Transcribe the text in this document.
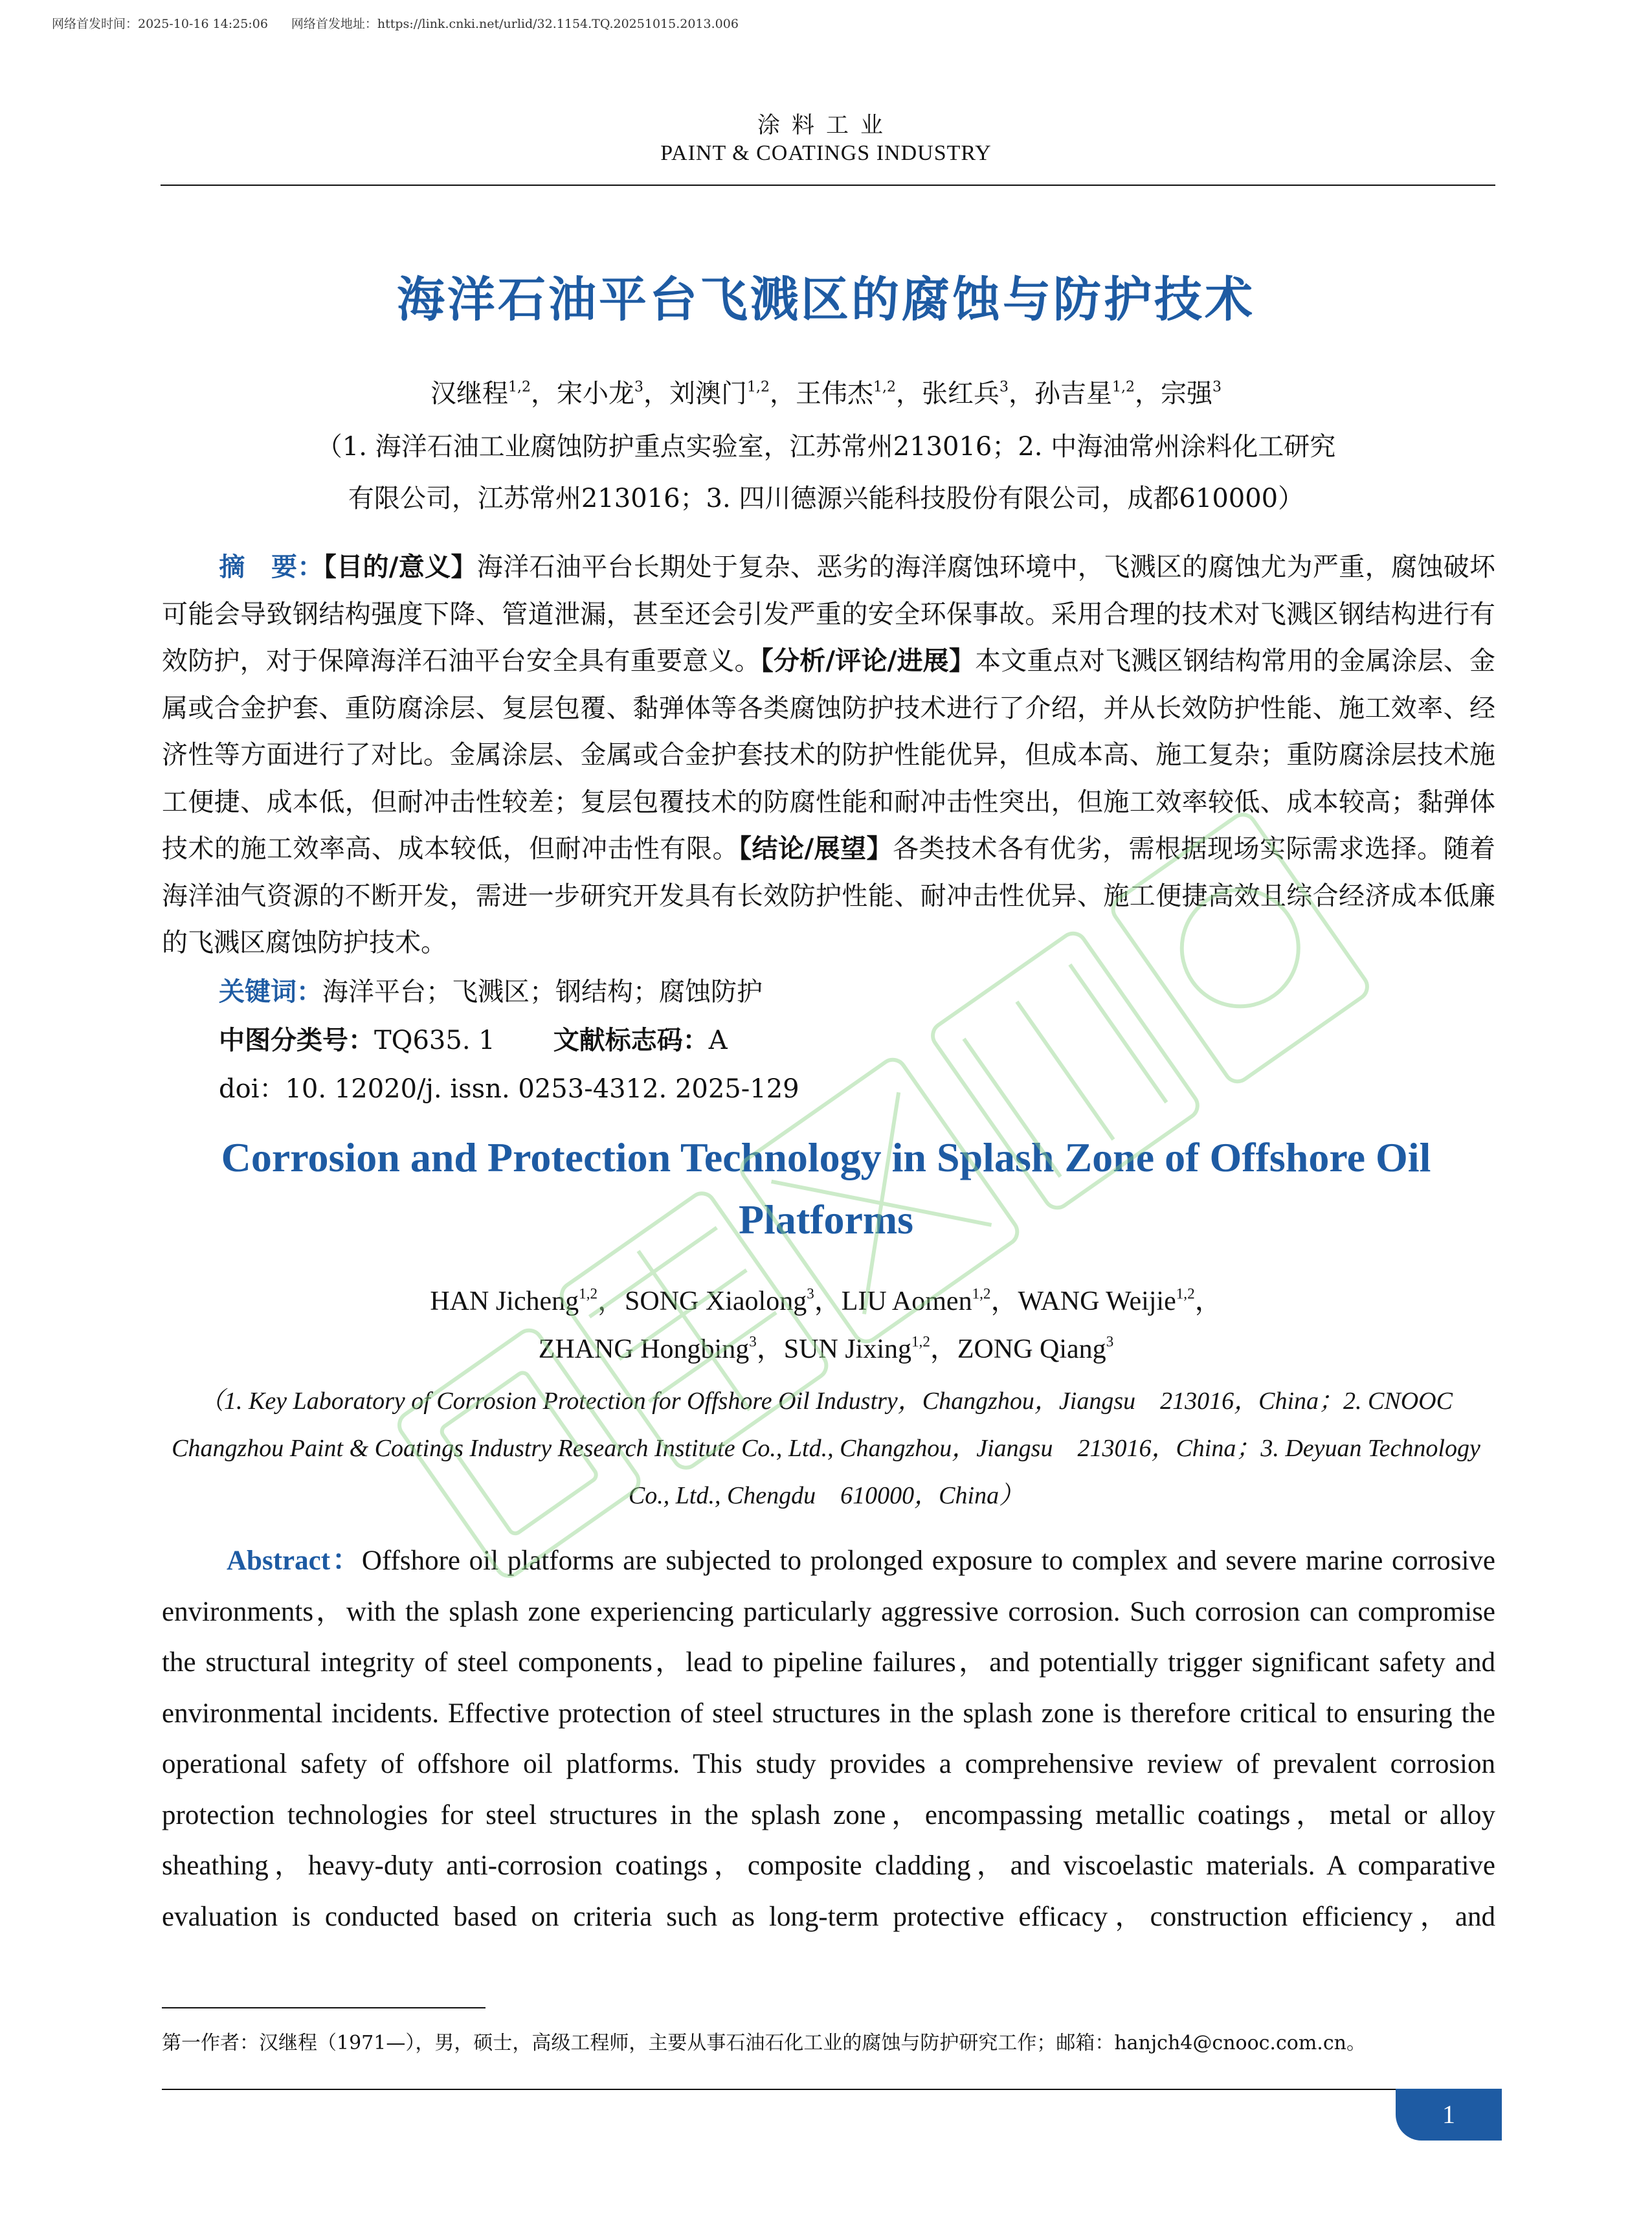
网络首发时间：2025-10-16 14:25:06 网络首发地址：https://link.cnki.net/urlid/32.1154.TQ.20251015.2013.006
涂料工业
PAINT & COATINGS INDUSTRY
海洋石油平台飞溅区的腐蚀与防护技术
汉继程$^{1,2}$，宋小龙$^3$，刘澳门$^{1,2}$，王伟杰$^{1,2}$，张红兵$^3$，孙吉星$^{1,2}$，宗强$^3$
（1. 海洋石油工业腐蚀防护重点实验室，江苏常州213016；2. 中海油常州涂料化工研究
有限公司，江苏常州213016；3. 四川德源兴能科技股份有限公司，成都610000）
摘　要：【目的/意义】海洋石油平台长期处于复杂、恶劣的海洋腐蚀环境中，飞溅区的腐蚀尤为严重，腐蚀破坏可能会导致钢结构强度下降、管道泄漏，甚至还会引发严重的安全环保事故。采用合理的技术对飞溅区钢结构进行有效防护，对于保障海洋石油平台安全具有重要意义。【分析/评论/进展】本文重点对飞溅区钢结构常用的金属涂层、金属或合金护套、重防腐涂层、复层包覆、黏弹体等各类腐蚀防护技术进行了介绍，并从长效防护性能、施工效率、经济性等方面进行了对比。金属涂层、金属或合金护套技术的防护性能优异，但成本高、施工复杂；重防腐涂层技术施工便捷、成本低，但耐冲击性较差；复层包覆技术的防腐性能和耐冲击性突出，但施工效率较低、成本较高；黏弹体技术的施工效率高、成本较低，但耐冲击性有限。【结论/展望】各类技术各有优劣，需根据现场实际需求选择。随着海洋油气资源的不断开发，需进一步研究开发具有长效防护性能、耐冲击性优异、施工便捷高效且综合经济成本低廉的飞溅区腐蚀防护技术。
关键词：海洋平台；飞溅区；钢结构；腐蚀防护
中图分类号：TQ635. 1 文献标志码：A
doi：10. 12020/j. issn. 0253-4312. 2025-129
Corrosion and Protection Technology in Splash Zone of Offshore Oil Platforms
HAN Jicheng$^{1,2}$，SONG Xiaolong$^3$，LIU Aomen$^{1,2}$，WANG Weijie$^{1,2}$，
ZHANG Hongbing$^3$，SUN Jixing$^{1,2}$，ZONG Qiang$^3$
（1. Key Laboratory of Corrosion Protection for Offshore Oil Industry，Changzhou，Jiangsu　213016，China；2. CNOOC Changzhou Paint & Coatings Industry Research Institute Co., Ltd., Changzhou，Jiangsu　213016，China；3. Deyuan Technology Co., Ltd., Chengdu　610000，China）
Abstract：Offshore oil platforms are subjected to prolonged exposure to complex and severe marine corrosive environments，with the splash zone experiencing particularly aggressive corrosion. Such corrosion can compromise the structural integrity of steel components，lead to pipeline failures，and potentially trigger significant safety and environmental incidents. Effective protection of steel structures in the splash zone is therefore critical to ensuring the operational safety of offshore oil platforms. This study provides a comprehensive review of prevalent corrosion protection technologies for steel structures in the splash zone，encompassing metallic coatings，metal or alloy sheathing，heavy-duty anti-corrosion coatings，composite cladding，and viscoelastic materials. A comparative evaluation is conducted based on criteria such as long-term protective efficacy，construction efficiency，and
第一作者：汉继程（1971—），男，硕士，高级工程师，主要从事石油石化工业的腐蚀与防护研究工作；邮箱：hanjch4@cnooc.com.cn。
1
